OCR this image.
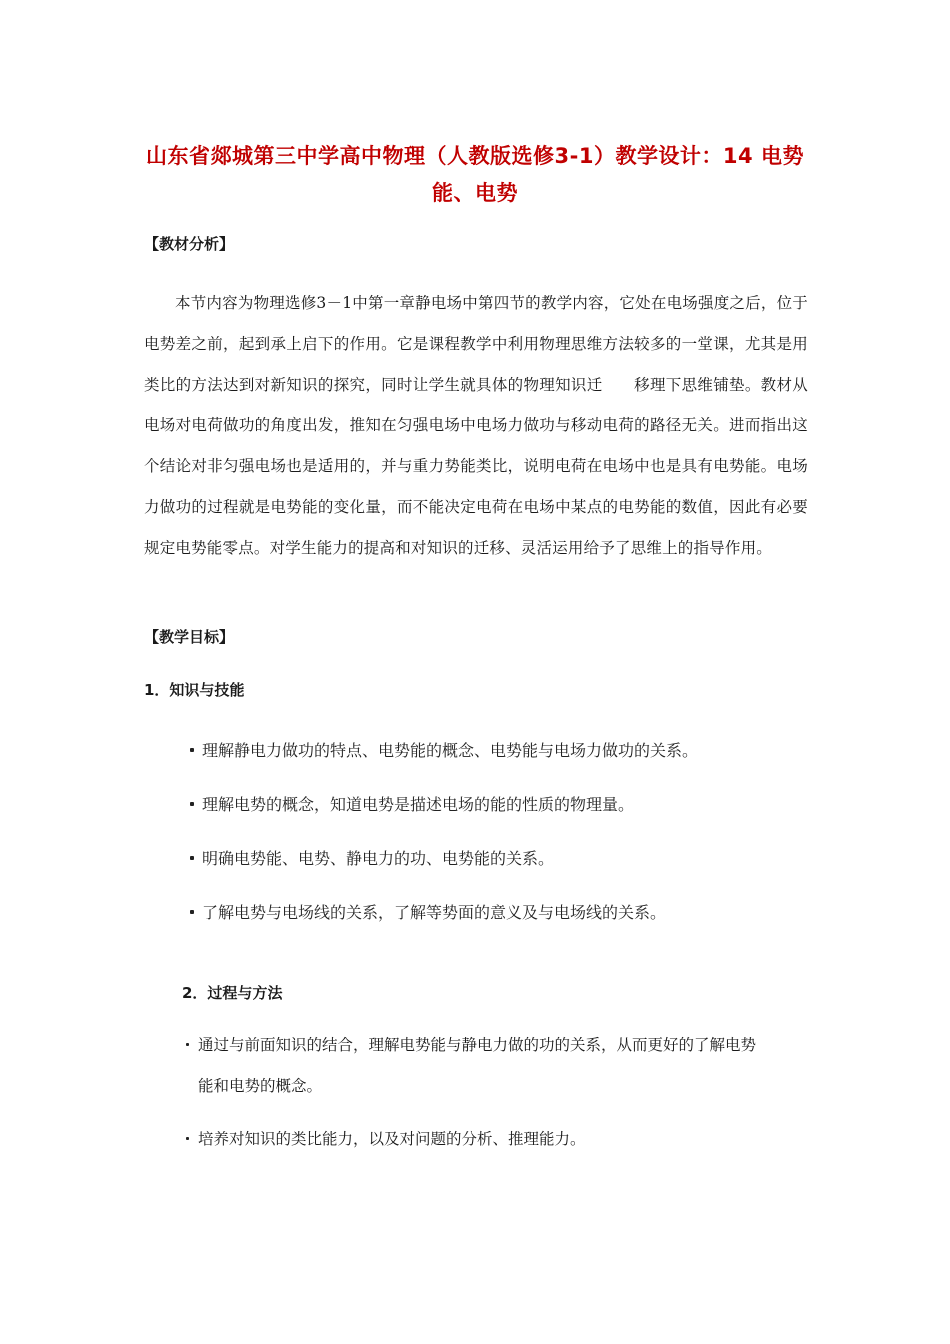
山东省郯城第三中学高中物理（人教版选修3-1）教学设计：14 电势能、电势
【教材分析】
本节内容为物理选修3－1中第一章静电场中第四节的教学内容，它处在电场强度之后，位于电势差之前，起到承上启下的作用。它是课程教学中利用物理思维方法较多的一堂课，尤其是用类比的方法达到对新知识的探究，同时让学生就具体的物理知识迁　　移理下思维铺垫。教材从电场对电荷做功的角度出发，推知在匀强电场中电场力做功与移动电荷的路径无关。进而指出这个结论对非匀强电场也是适用的，并与重力势能类比，说明电荷在电场中也是具有电势能。电场力做功的过程就是电势能的变化量，而不能决定电荷在电场中某点的电势能的数值，因此有必要规定电势能零点。对学生能力的提高和对知识的迁移、灵活运用给予了思维上的指导作用。
【教学目标】
1．知识与技能
理解静电力做功的特点、电势能的概念、电势能与电场力做功的关系。
理解电势的概念，知道电势是描述电场的能的性质的物理量。
明确电势能、电势、静电力的功、电势能的关系。
了解电势与电场线的关系，了解等势面的意义及与电场线的关系。
2．过程与方法
通过与前面知识的结合，理解电势能与静电力做的功的关系，从而更好的了解电势
能和电势的概念。
培养对知识的类比能力，以及对问题的分析、推理能力。
